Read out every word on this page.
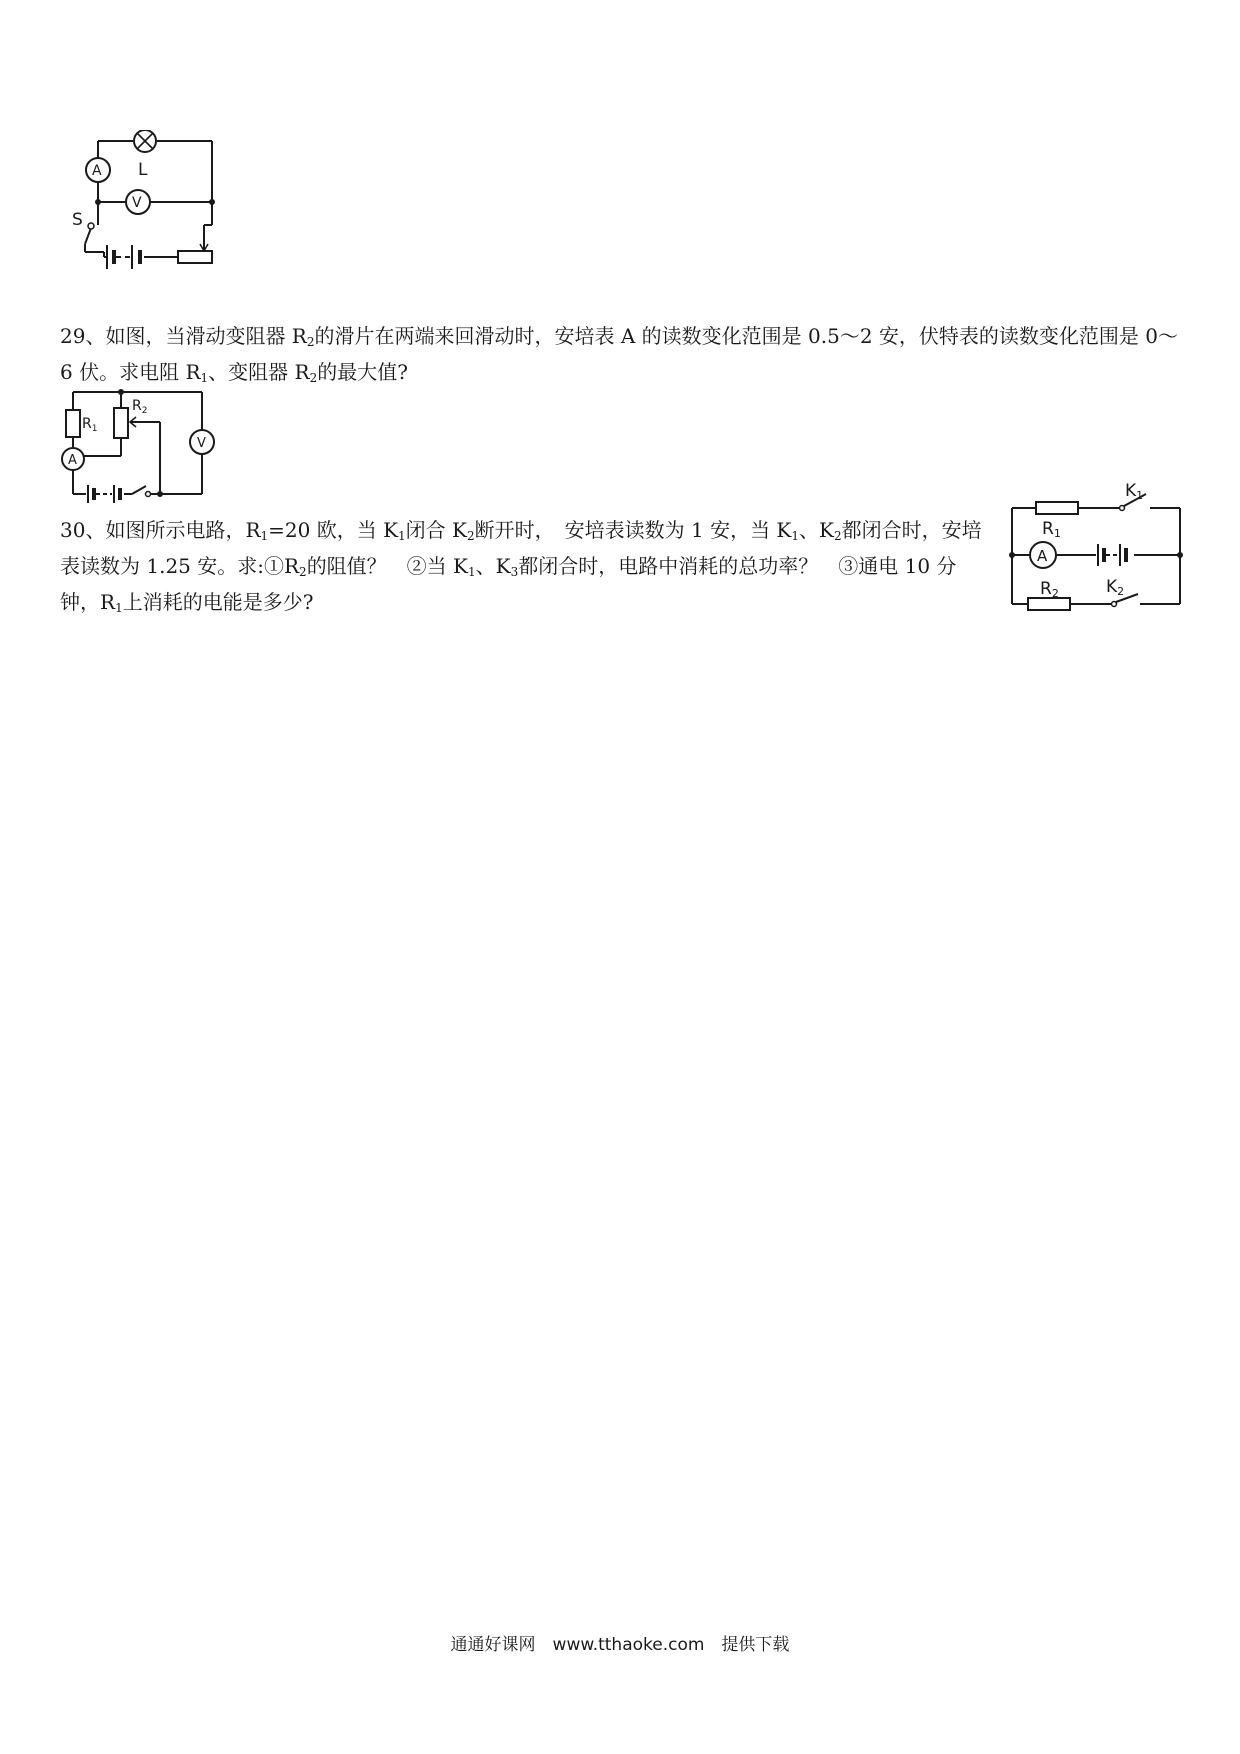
L
A
V
S

29、如图，当滑动变阻器 $R_2$的滑片在两端来回滑动时，安培表 A 的读数变化范围是 0.5～2 安，伏特表的读数变化范围是 0～6 伏。求电阻 $R_1$、变阻器 $R_2$的最大值?

$R_1$
$R_2$
A
V

30、如图所示电路，$R_1=20$ 欧，当 $K_1$闭合 $K_2$断开时，　安培表读数为 1 安，当 $K_1$、$K_2$都闭合时，安培表读数为 1.25 安。求$:①R_2$的阻值？　②当 $K_1$、$K_3$都闭合时，电路中消耗的总功率？　③通电 10 分钟，$R_1$上消耗的电能是多少?

A
K1
R1
R2	K2
通通好课网　www.tthaoke.com　提供下载
